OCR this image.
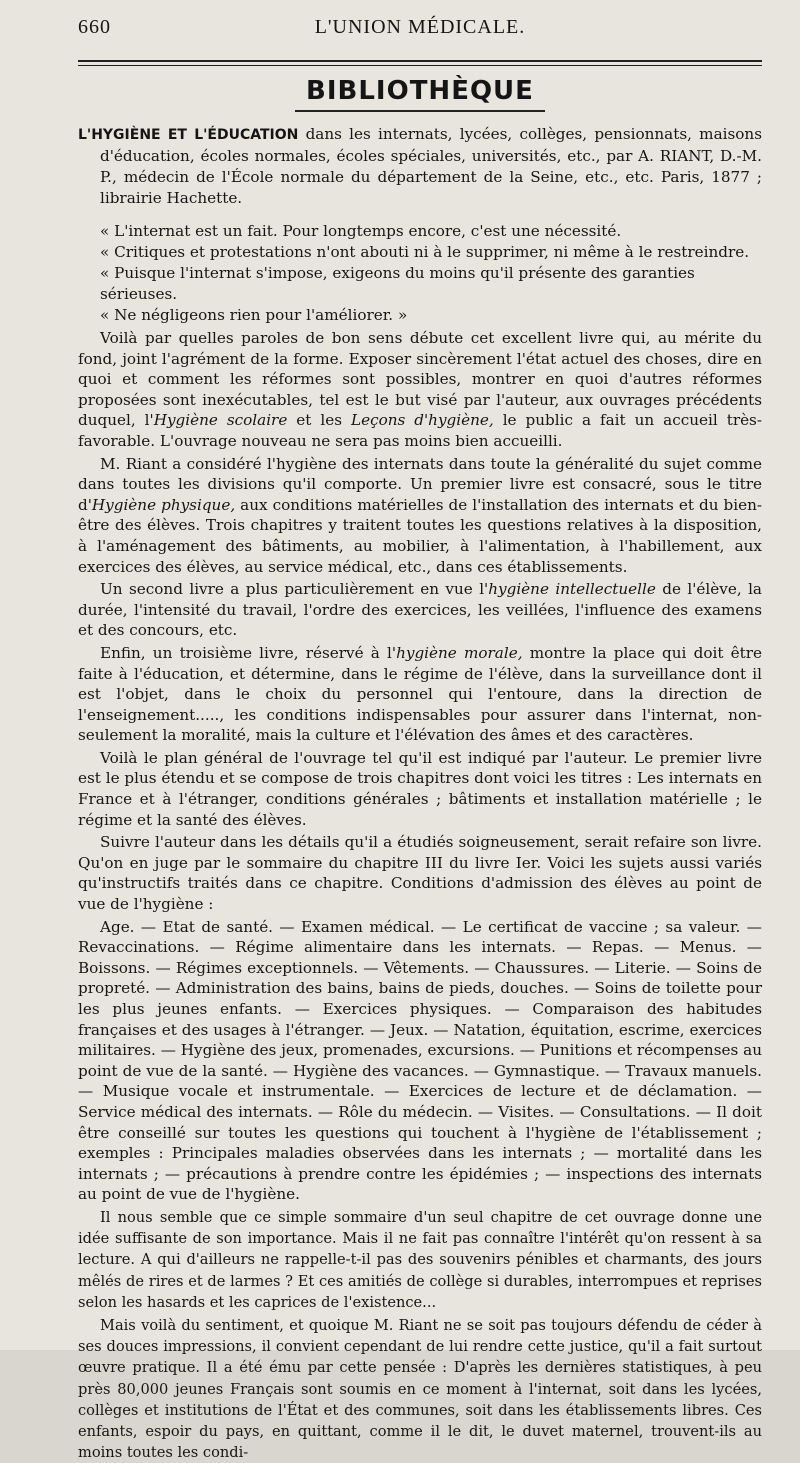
660	L'UNION MÉDICALE.
BIBLIOTHÈQUE

L'HYGIÈNE ET L'ÉDUCATION dans les internats, lycées, collèges, pensionnats, maisons d'éducation, écoles normales, écoles spéciales, universités, etc., par A. RIANT, D.-M. P., médecin de l'École normale du département de la Seine, etc., etc. Paris, 1877 ; librairie Hachette.

« L'internat est un fait. Pour longtemps encore, c'est une nécessité.

« Critiques et protestations n'ont abouti ni à le supprimer, ni même à le restreindre.

« Puisque l'internat s'impose, exigeons du moins qu'il présente des garanties sérieuses.

« Ne négligeons rien pour l'améliorer. »

Voilà par quelles paroles de bon sens débute cet excellent livre qui, au mérite du fond, joint l'agrément de la forme. Exposer sincèrement l'état actuel des choses, dire en quoi et comment les réformes sont possibles, montrer en quoi d'autres réformes proposées sont inexécutables, tel est le but visé par l'auteur, aux ouvrages précédents duquel, l'Hygiène scolaire et les Leçons d'hygiène, le public a fait un accueil très-favorable. L'ouvrage nouveau ne sera pas moins bien accueilli.

M. Riant a considéré l'hygiène des internats dans toute la généralité du sujet comme dans toutes les divisions qu'il comporte. Un premier livre est consacré, sous le titre d'Hygiène physique, aux conditions matérielles de l'installation des internats et du bien-être des élèves. Trois chapitres y traitent toutes les questions relatives à la disposition, à l'aménagement des bâtiments, au mobilier, à l'alimentation, à l'habillement, aux exercices des élèves, au service médical, etc., dans ces établissements.

Un second livre a plus particulièrement en vue l'hygiène intellectuelle de l'élève, la durée, l'intensité du travail, l'ordre des exercices, les veillées, l'influence des examens et des concours, etc.

Enfin, un troisième livre, réservé à l'hygiène morale, montre la place qui doit être faite à l'éducation, et détermine, dans le régime de l'élève, dans la surveillance dont il est l'objet, dans le choix du personnel qui l'entoure, dans la direction de l'enseignement....., les conditions indispensables pour assurer dans l'internat, non-seulement la moralité, mais la culture et l'élévation des âmes et des caractères.

Voilà le plan général de l'ouvrage tel qu'il est indiqué par l'auteur. Le premier livre est le plus étendu et se compose de trois chapitres dont voici les titres : Les internats en France et à l'étranger, conditions générales ; bâtiments et installation matérielle ; le régime et la santé des élèves.

Suivre l'auteur dans les détails qu'il a étudiés soigneusement, serait refaire son livre. Qu'on en juge par le sommaire du chapitre III du livre Ier. Voici les sujets aussi variés qu'instructifs traités dans ce chapitre. Conditions d'admission des élèves au point de vue de l'hygiène :

Age. — Etat de santé. — Examen médical. — Le certificat de vaccine ; sa valeur. — Revaccinations. — Régime alimentaire dans les internats. — Repas. — Menus. — Boissons. — Régimes exceptionnels. — Vêtements. — Chaussures. — Literie. — Soins de propreté. — Administration des bains, bains de pieds, douches. — Soins de toilette pour les plus jeunes enfants. — Exercices physiques. — Comparaison des habitudes françaises et des usages à l'étranger. — Jeux. — Natation, équitation, escrime, exercices militaires. — Hygiène des jeux, promenades, excursions. — Punitions et récompenses au point de vue de la santé. — Hygiène des vacances. — Gymnastique. — Travaux manuels. — Musique vocale et instrumentale. — Exercices de lecture et de déclamation. — Service médical des internats. — Rôle du médecin. — Visites. — Consultations. — Il doit être conseillé sur toutes les questions qui touchent à l'hygiène de l'établissement ; exemples : Principales maladies observées dans les internats ; — mortalité dans les internats ; — précautions à prendre contre les épidémies ; — inspections des internats au point de vue de l'hygiène.

Il nous semble que ce simple sommaire d'un seul chapitre de cet ouvrage donne une idée suffisante de son importance. Mais il ne fait pas connaître l'intérêt qu'on ressent à sa lecture. A qui d'ailleurs ne rappelle-t-il pas des souvenirs pénibles et charmants, des jours mêlés de rires et de larmes ? Et ces amitiés de collège si durables, interrompues et reprises selon les hasards et les caprices de l'existence...

Mais voilà du sentiment, et quoique M. Riant ne se soit pas toujours défendu de céder à ses douces impressions, il convient cependant de lui rendre cette justice, qu'il a fait surtout œuvre pratique. Il a été ému par cette pensée : D'après les dernières statistiques, à peu près 80,000 jeunes Français sont soumis en ce moment à l'internat, soit dans les lycées, collèges et institutions de l'État et des communes, soit dans les établissements libres. Ces enfants, espoir du pays, en quittant, comme il le dit, le duvet maternel, trouvent-ils au moins toutes les condi-
